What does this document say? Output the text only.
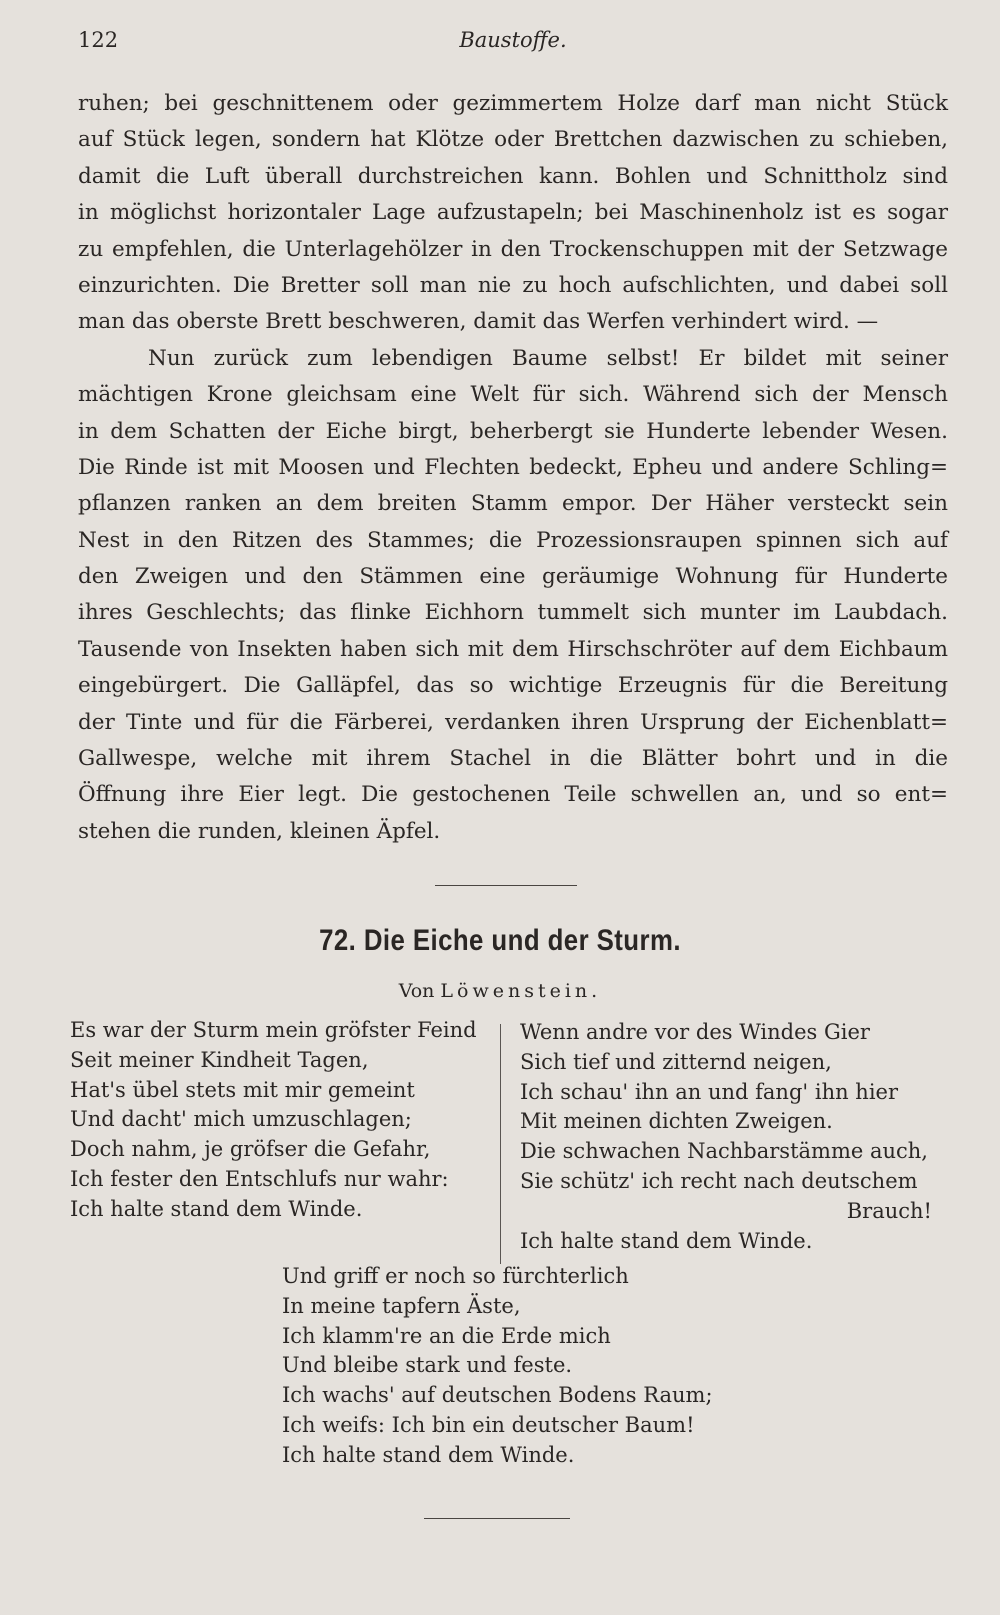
122	Baustoffe.
ruhen; bei geschnittenem oder gezimmertem Holze darf man nicht Stück
auf Stück legen, sondern hat Klötze oder Brettchen dazwischen zu schieben,
damit die Luft überall durchstreichen kann. Bohlen und Schnittholz sind
in möglichst horizontaler Lage aufzustapeln; bei Maschinenholz ist es sogar
zu empfehlen, die Unterlagehölzer in den Trockenschuppen mit der Setzwage
einzurichten. Die Bretter soll man nie zu hoch aufschlichten, und dabei soll
man das oberste Brett beschweren, damit das Werfen verhindert wird. —
Nun zurück zum lebendigen Baume selbst! Er bildet mit seiner
mächtigen Krone gleichsam eine Welt für sich. Während sich der Mensch
in dem Schatten der Eiche birgt, beherbergt sie Hunderte lebender Wesen.
Die Rinde ist mit Moosen und Flechten bedeckt, Epheu und andere Schling=
pflanzen ranken an dem breiten Stamm empor. Der Häher versteckt sein
Nest in den Ritzen des Stammes; die Prozessionsraupen spinnen sich auf
den Zweigen und den Stämmen eine geräumige Wohnung für Hunderte
ihres Geschlechts; das flinke Eichhorn tummelt sich munter im Laubdach.
Tausende von Insekten haben sich mit dem Hirschschröter auf dem Eichbaum
eingebürgert. Die Galläpfel, das so wichtige Erzeugnis für die Bereitung
der Tinte und für die Färberei, verdanken ihren Ursprung der Eichenblatt=
Gallwespe, welche mit ihrem Stachel in die Blätter bohrt und in die
Öffnung ihre Eier legt. Die gestochenen Teile schwellen an, und so ent=
stehen die runden, kleinen Äpfel.
72. Die Eiche und der Sturm.
Von Löwenstein.
Es war der Sturm mein gröfster Feind
Seit meiner Kindheit Tagen,
Hat's übel stets mit mir gemeint
Und dacht' mich umzuschlagen;
Doch nahm, je gröfser die Gefahr,
Ich fester den Entschlufs nur wahr:
Ich halte stand dem Winde.
Wenn andre vor des Windes Gier
Sich tief und zitternd neigen,
Ich schau' ihn an und fang' ihn hier
Mit meinen dichten Zweigen.
Die schwachen Nachbarstämme auch,
Sie schütz' ich recht nach deutschem
Brauch!
Ich halte stand dem Winde.
Und griff er noch so fürchterlich
In meine tapfern Äste,
Ich klamm're an die Erde mich
Und bleibe stark und feste.
Ich wachs' auf deutschen Bodens Raum;
Ich weifs: Ich bin ein deutscher Baum!
Ich halte stand dem Winde.
